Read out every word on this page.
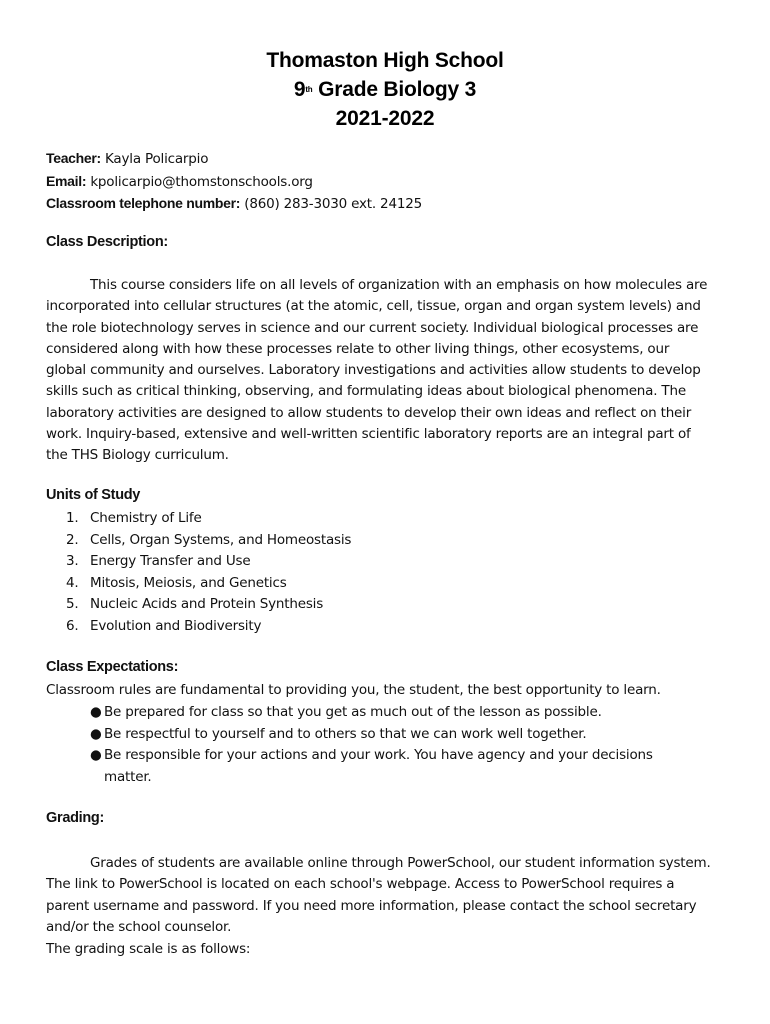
Thomaston High School
9th Grade Biology 3
2021-2022
Teacher: Kayla Policarpio
Email: kpolicarpio@thomstonschools.org
Classroom telephone number: (860) 283-3030 ext. 24125
Class Description:
This course considers life on all levels of organization with an emphasis on how molecules are incorporated into cellular structures (at the atomic, cell, tissue, organ and organ system levels) and the role biotechnology serves in science and our current society. Individual biological processes are considered along with how these processes relate to other living things, other ecosystems, our global community and ourselves. Laboratory investigations and activities allow students to develop skills such as critical thinking, observing, and formulating ideas about biological phenomena. The laboratory activities are designed to allow students to develop their own ideas and reflect on their work. Inquiry-based, extensive and well-written scientific laboratory reports are an integral part of the THS Biology curriculum.
Units of Study
1. Chemistry of Life
2. Cells, Organ Systems, and Homeostasis
3. Energy Transfer and Use
4. Mitosis, Meiosis, and Genetics
5. Nucleic Acids and Protein Synthesis
6. Evolution and Biodiversity
Class Expectations:
Classroom rules are fundamental to providing you, the student, the best opportunity to learn.
● Be prepared for class so that you get as much out of the lesson as possible.
● Be respectful to yourself and to others so that we can work well together.
● Be responsible for your actions and your work. You have agency and your decisions matter.
Grading:
Grades of students are available online through PowerSchool, our student information system. The link to PowerSchool is located on each school's webpage. Access to PowerSchool requires a parent username and password. If you need more information, please contact the school secretary and/or the school counselor.
The grading scale is as follows:
